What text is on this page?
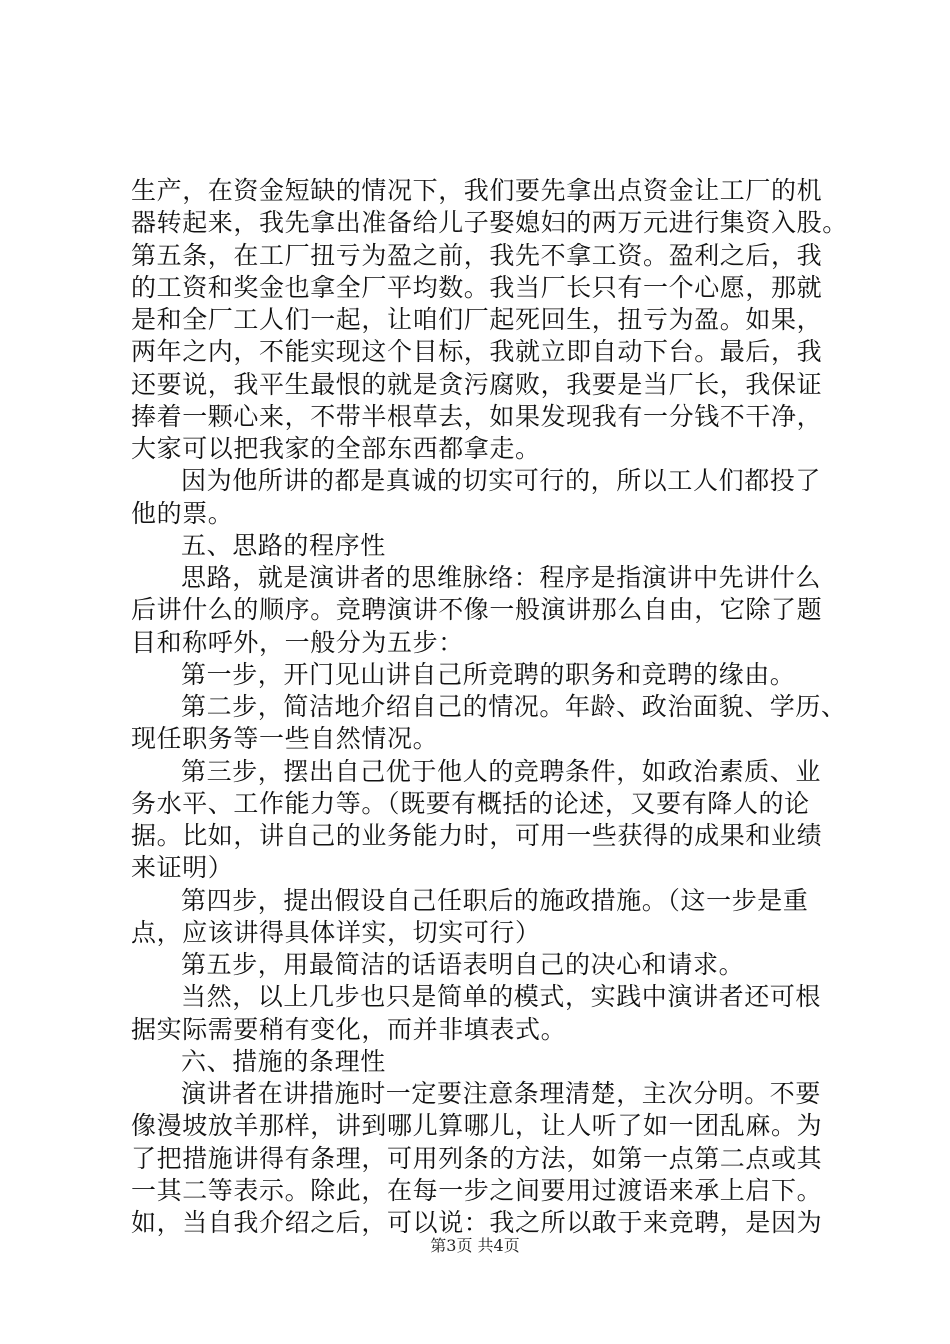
生产，在资金短缺的情况下，我们要先拿出点资金让工厂的机
器转起来，我先拿出准备给儿子娶媳妇的两万元进行集资入股。
第五条，在工厂扭亏为盈之前，我先不拿工资。盈利之后，我
的工资和奖金也拿全厂平均数。我当厂长只有一个心愿，那就
是和全厂工人们一起，让咱们厂起死回生，扭亏为盈。如果，
两年之内，不能实现这个目标，我就立即自动下台。最后，我
还要说，我平生最恨的就是贪污腐败，我要是当厂长，我保证
捧着一颗心来，不带半根草去，如果发现我有一分钱不干净，
大家可以把我家的全部东西都拿走。
因为他所讲的都是真诚的切实可行的，所以工人们都投了
他的票。
五、思路的程序性
思路，就是演讲者的思维脉络：程序是指演讲中先讲什么
后讲什么的顺序。竞聘演讲不像一般演讲那么自由，它除了题
目和称呼外，一般分为五步：
第一步，开门见山讲自己所竞聘的职务和竞聘的缘由。
第二步，简洁地介绍自己的情况。年龄、政治面貌、学历、
现任职务等一些自然情况。
第三步，摆出自己优于他人的竞聘条件，如政治素质、业
务水平、工作能力等。（既要有概括的论述，又要有降人的论
据。比如，讲自己的业务能力时，可用一些获得的成果和业绩
来证明）
第四步，提出假设自己任职后的施政措施。（这一步是重
点，应该讲得具体详实，切实可行）
第五步，用最简洁的话语表明自己的决心和请求。
当然，以上几步也只是简单的模式，实践中演讲者还可根
据实际需要稍有变化，而并非填表式。
六、措施的条理性
演讲者在讲措施时一定要注意条理清楚，主次分明。不要
像漫坡放羊那样，讲到哪儿算哪儿，让人听了如一团乱麻。为
了把措施讲得有条理，可用列条的方法，如第一点第二点或其
一其二等表示。除此，在每一步之间要用过渡语来承上启下。
如，当自我介绍之后，可以说：我之所以敢于来竞聘，是因为
第3页 共4页
